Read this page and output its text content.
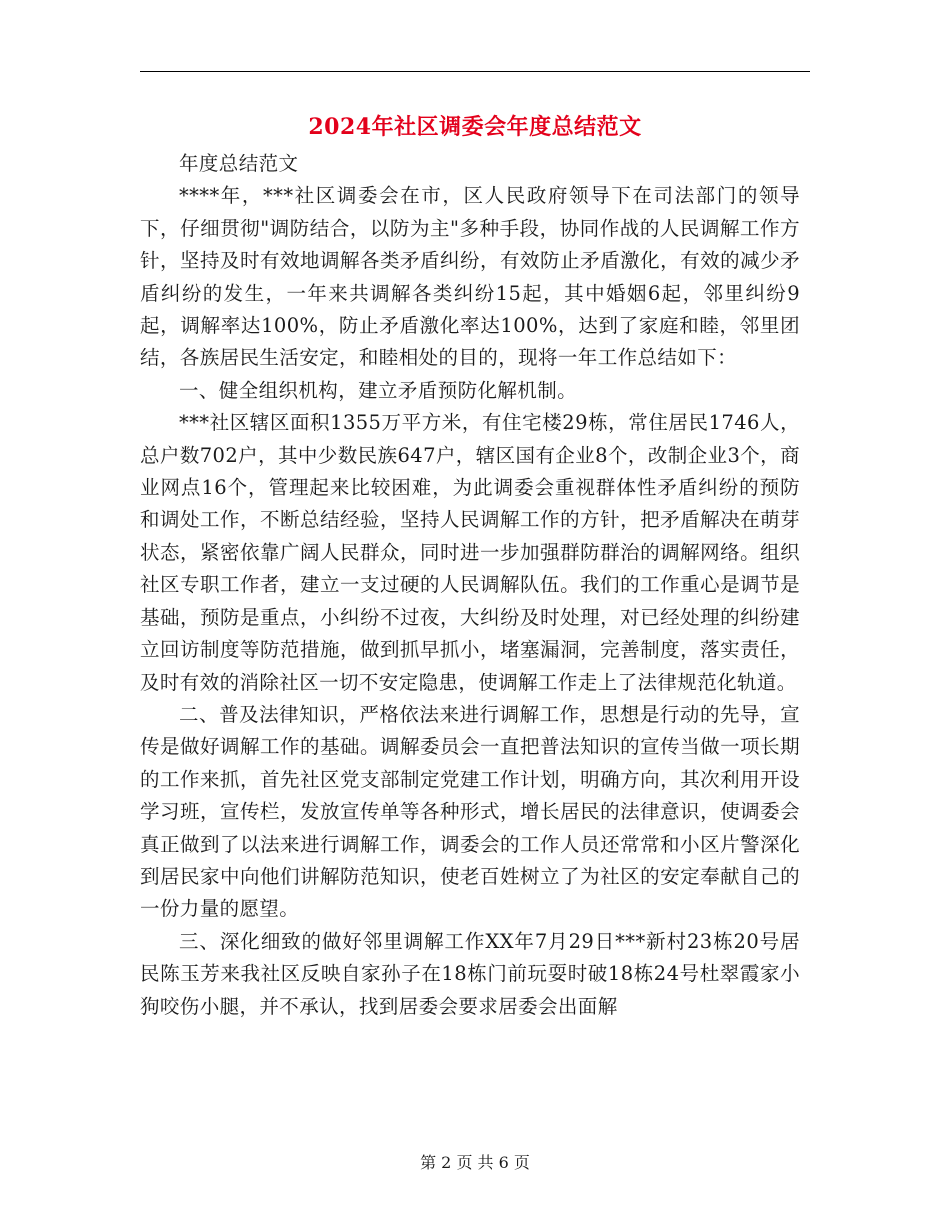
2024年社区调委会年度总结范文

年度总结范文

****年，***社区调委会在市，区人民政府领导下在司法部门的领导下，仔细贯彻"调防结合，以防为主"多种手段，协同作战的人民调解工作方针，坚持及时有效地调解各类矛盾纠纷，有效防止矛盾激化，有效的减少矛盾纠纷的发生，一年来共调解各类纠纷15起，其中婚姻6起，邻里纠纷9起，调解率达100%，防止矛盾激化率达100%，达到了家庭和睦，邻里团结，各族居民生活安定，和睦相处的目的，现将一年工作总结如下：

一、健全组织机构，建立矛盾预防化解机制。

***社区辖区面积1355万平方米，有住宅楼29栋，常住居民1746人，总户数702户，其中少数民族647户，辖区国有企业8个，改制企业3个，商业网点16个，管理起来比较困难，为此调委会重视群体性矛盾纠纷的预防和调处工作，不断总结经验，坚持人民调解工作的方针，把矛盾解决在萌芽状态，紧密依靠广阔人民群众，同时进一步加强群防群治的调解网络。组织社区专职工作者，建立一支过硬的人民调解队伍。我们的工作重心是调节是基础，预防是重点，小纠纷不过夜，大纠纷及时处理，对已经处理的纠纷建立回访制度等防范措施，做到抓早抓小，堵塞漏洞，完善制度，落实责任，及时有效的消除社区一切不安定隐患，使调解工作走上了法律规范化轨道。

二、普及法律知识，严格依法来进行调解工作，思想是行动的先导，宣传是做好调解工作的基础。调解委员会一直把普法知识的宣传当做一项长期的工作来抓，首先社区党支部制定党建工作计划，明确方向，其次利用开设学习班，宣传栏，发放宣传单等各种形式，增长居民的法律意识，使调委会真正做到了以法来进行调解工作，调委会的工作人员还常常和小区片警深化到居民家中向他们讲解防范知识，使老百姓树立了为社区的安定奉献自己的一份力量的愿望。

三、深化细致的做好邻里调解工作XX年7月29日***新村23栋20号居民陈玉芳来我社区反映自家孙子在18栋门前玩耍时破18栋24号杜翠霞家小狗咬伤小腿，并不承认，找到居委会要求居委会出面解

第 2 页 共 6 页
